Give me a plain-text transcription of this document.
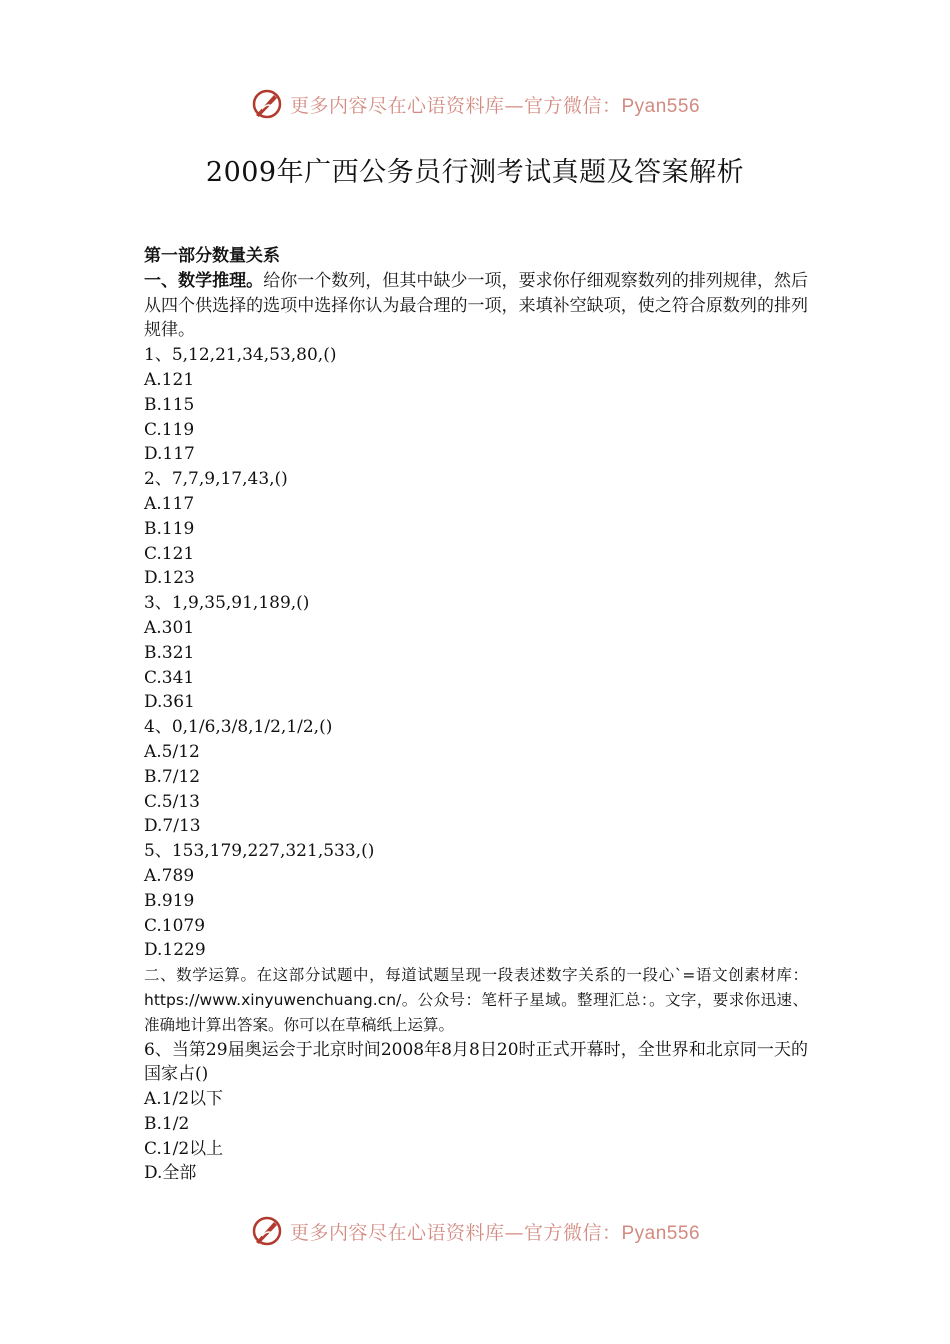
更多内容尽在心语资料库—官方微信：Pyan556
2009年广西公务员行测考试真题及答案解析

第一部分数量关系

一、数学推理。给你一个数列，但其中缺少一项，要求你仔细观察数列的排列规律，然后从四个供选择的选项中选择你认为最合理的一项，来填补空缺项，使之符合原数列的排列规律。

1、5,12,21,34,53,80,()

A.121

B.115

C.119

D.117

2、7,7,9,17,43,()

A.117

B.119

C.121

D.123

3、1,9,35,91,189,()

A.301

B.321

C.341

D.361

4、0,1/6,3/8,1/2,1/2,()

A.5/12

B.7/12

C.5/13

D.7/13

5、153,179,227,321,533,()

A.789

B.919

C.1079

D.1229

二、数学运算。在这部分试题中，每道试题呈现一段表述数字关系的一段心`=语文创素材库：https://www.xinyuwenchuang.cn/。公众号：笔杆子星域。整理汇总：。文字，要求你迅速、准确地计算出答案。你可以在草稿纸上运算。

6、当第29届奥运会于北京时间2008年8月8日20时正式开幕时，全世界和北京同一天的国家占()

A.1/2以下

B.1/2

C.1/2以上

D.全部

更多内容尽在心语资料库—官方微信：Pyan556
